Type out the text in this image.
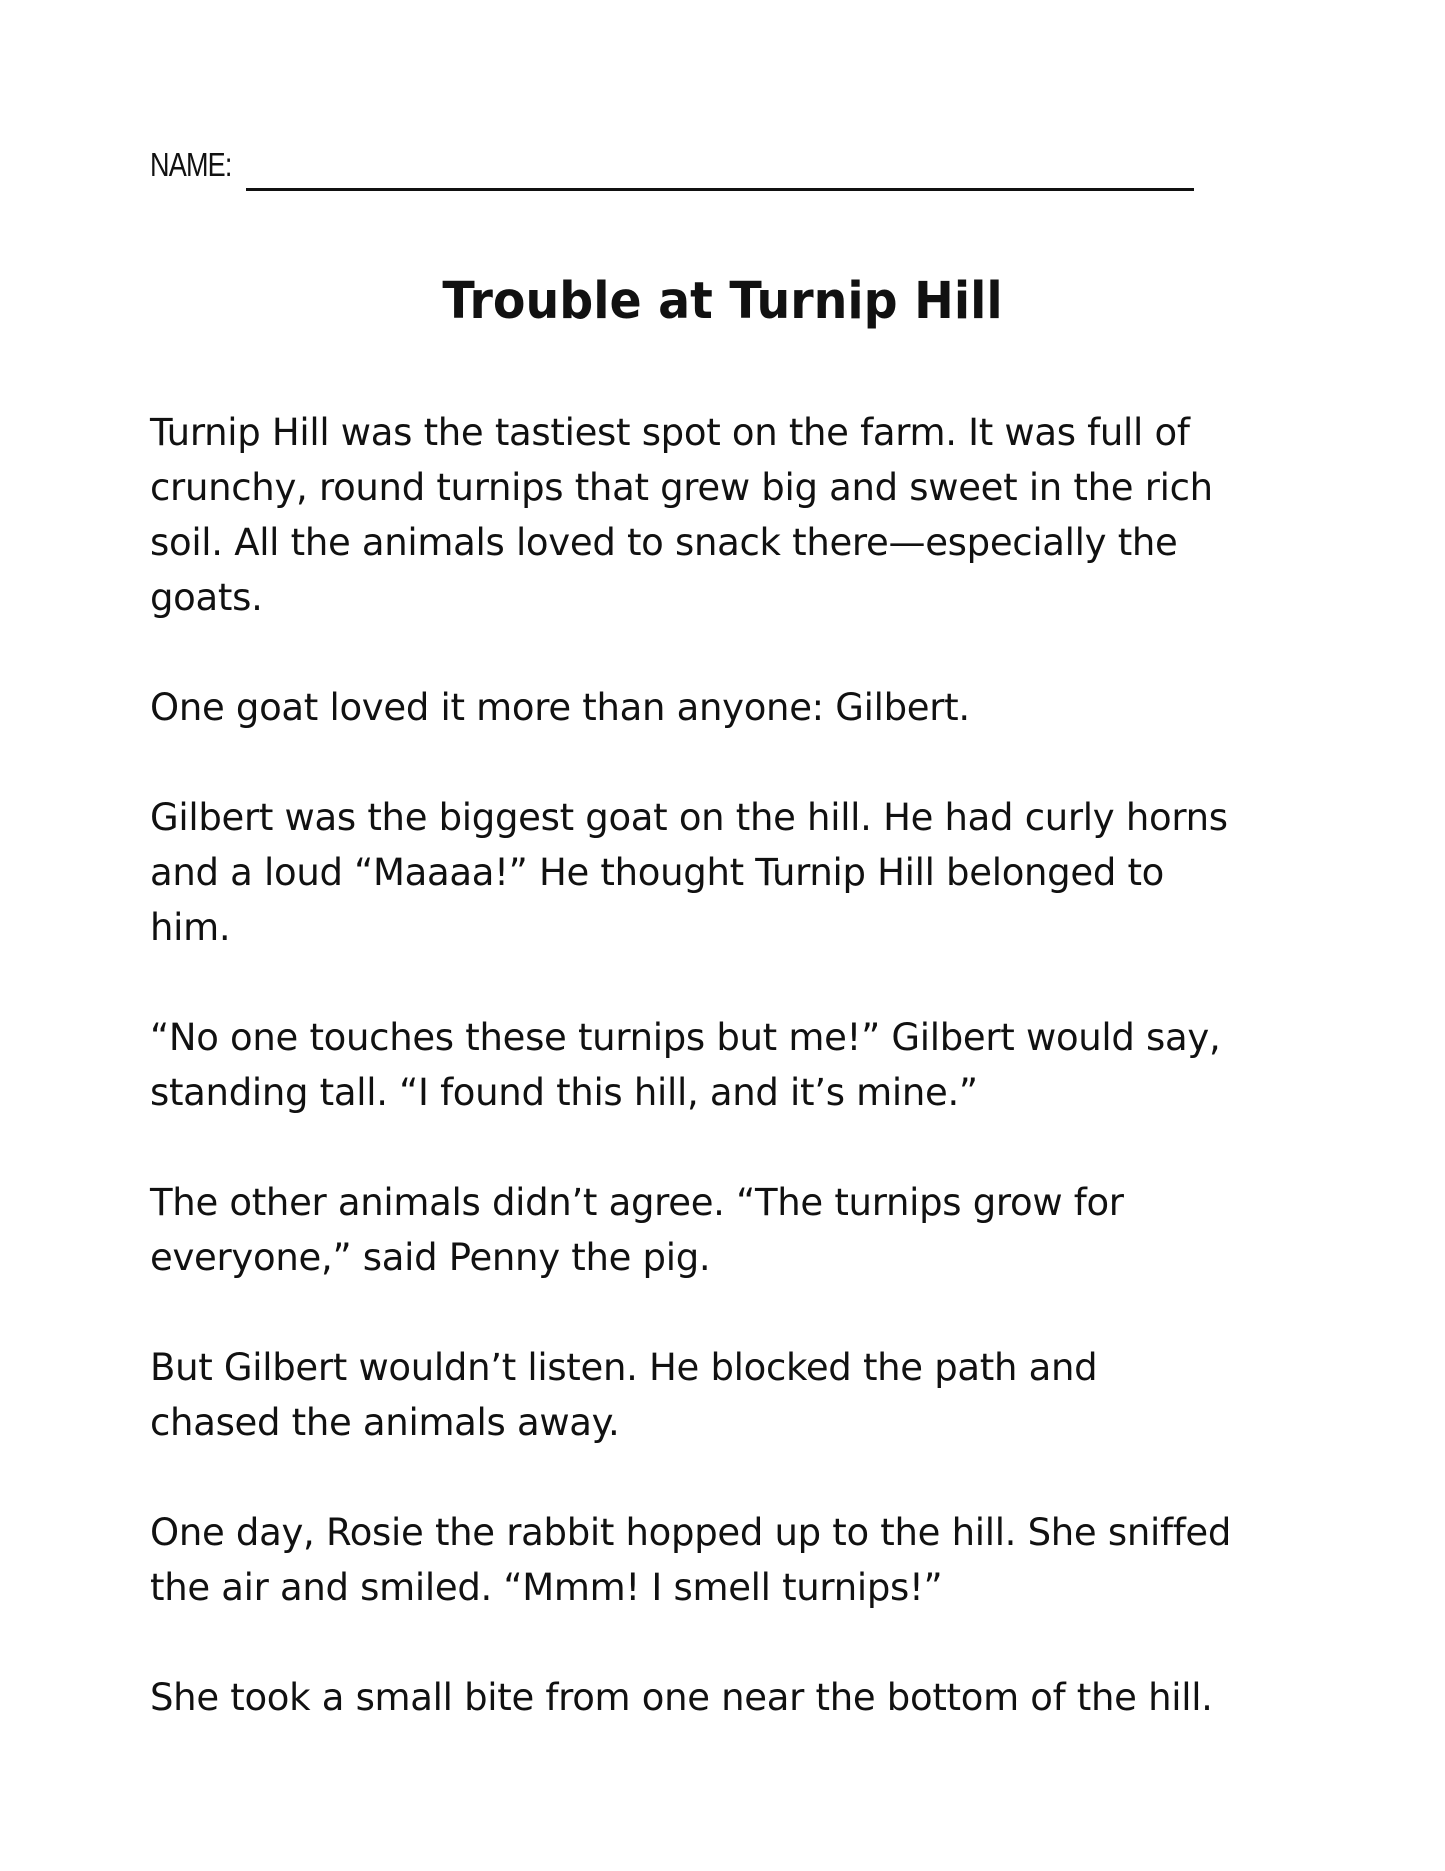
NAME:
Trouble at Turnip Hill

Turnip Hill was the tastiest spot on the farm. It was full of
crunchy, round turnips that grew big and sweet in the rich
soil. All the animals loved to snack there—especially the
goats.

One goat loved it more than anyone: Gilbert.

Gilbert was the biggest goat on the hill. He had curly horns
and a loud “Maaaa!” He thought Turnip Hill belonged to
him.

“No one touches these turnips but me!” Gilbert would say,
standing tall. “I found this hill, and it’s mine.”

The other animals didn’t agree. “The turnips grow for
everyone,” said Penny the pig.

But Gilbert wouldn’t listen. He blocked the path and
chased the animals away.

One day, Rosie the rabbit hopped up to the hill. She sniffed
the air and smiled. “Mmm! I smell turnips!”

She took a small bite from one near the bottom of the hill.
